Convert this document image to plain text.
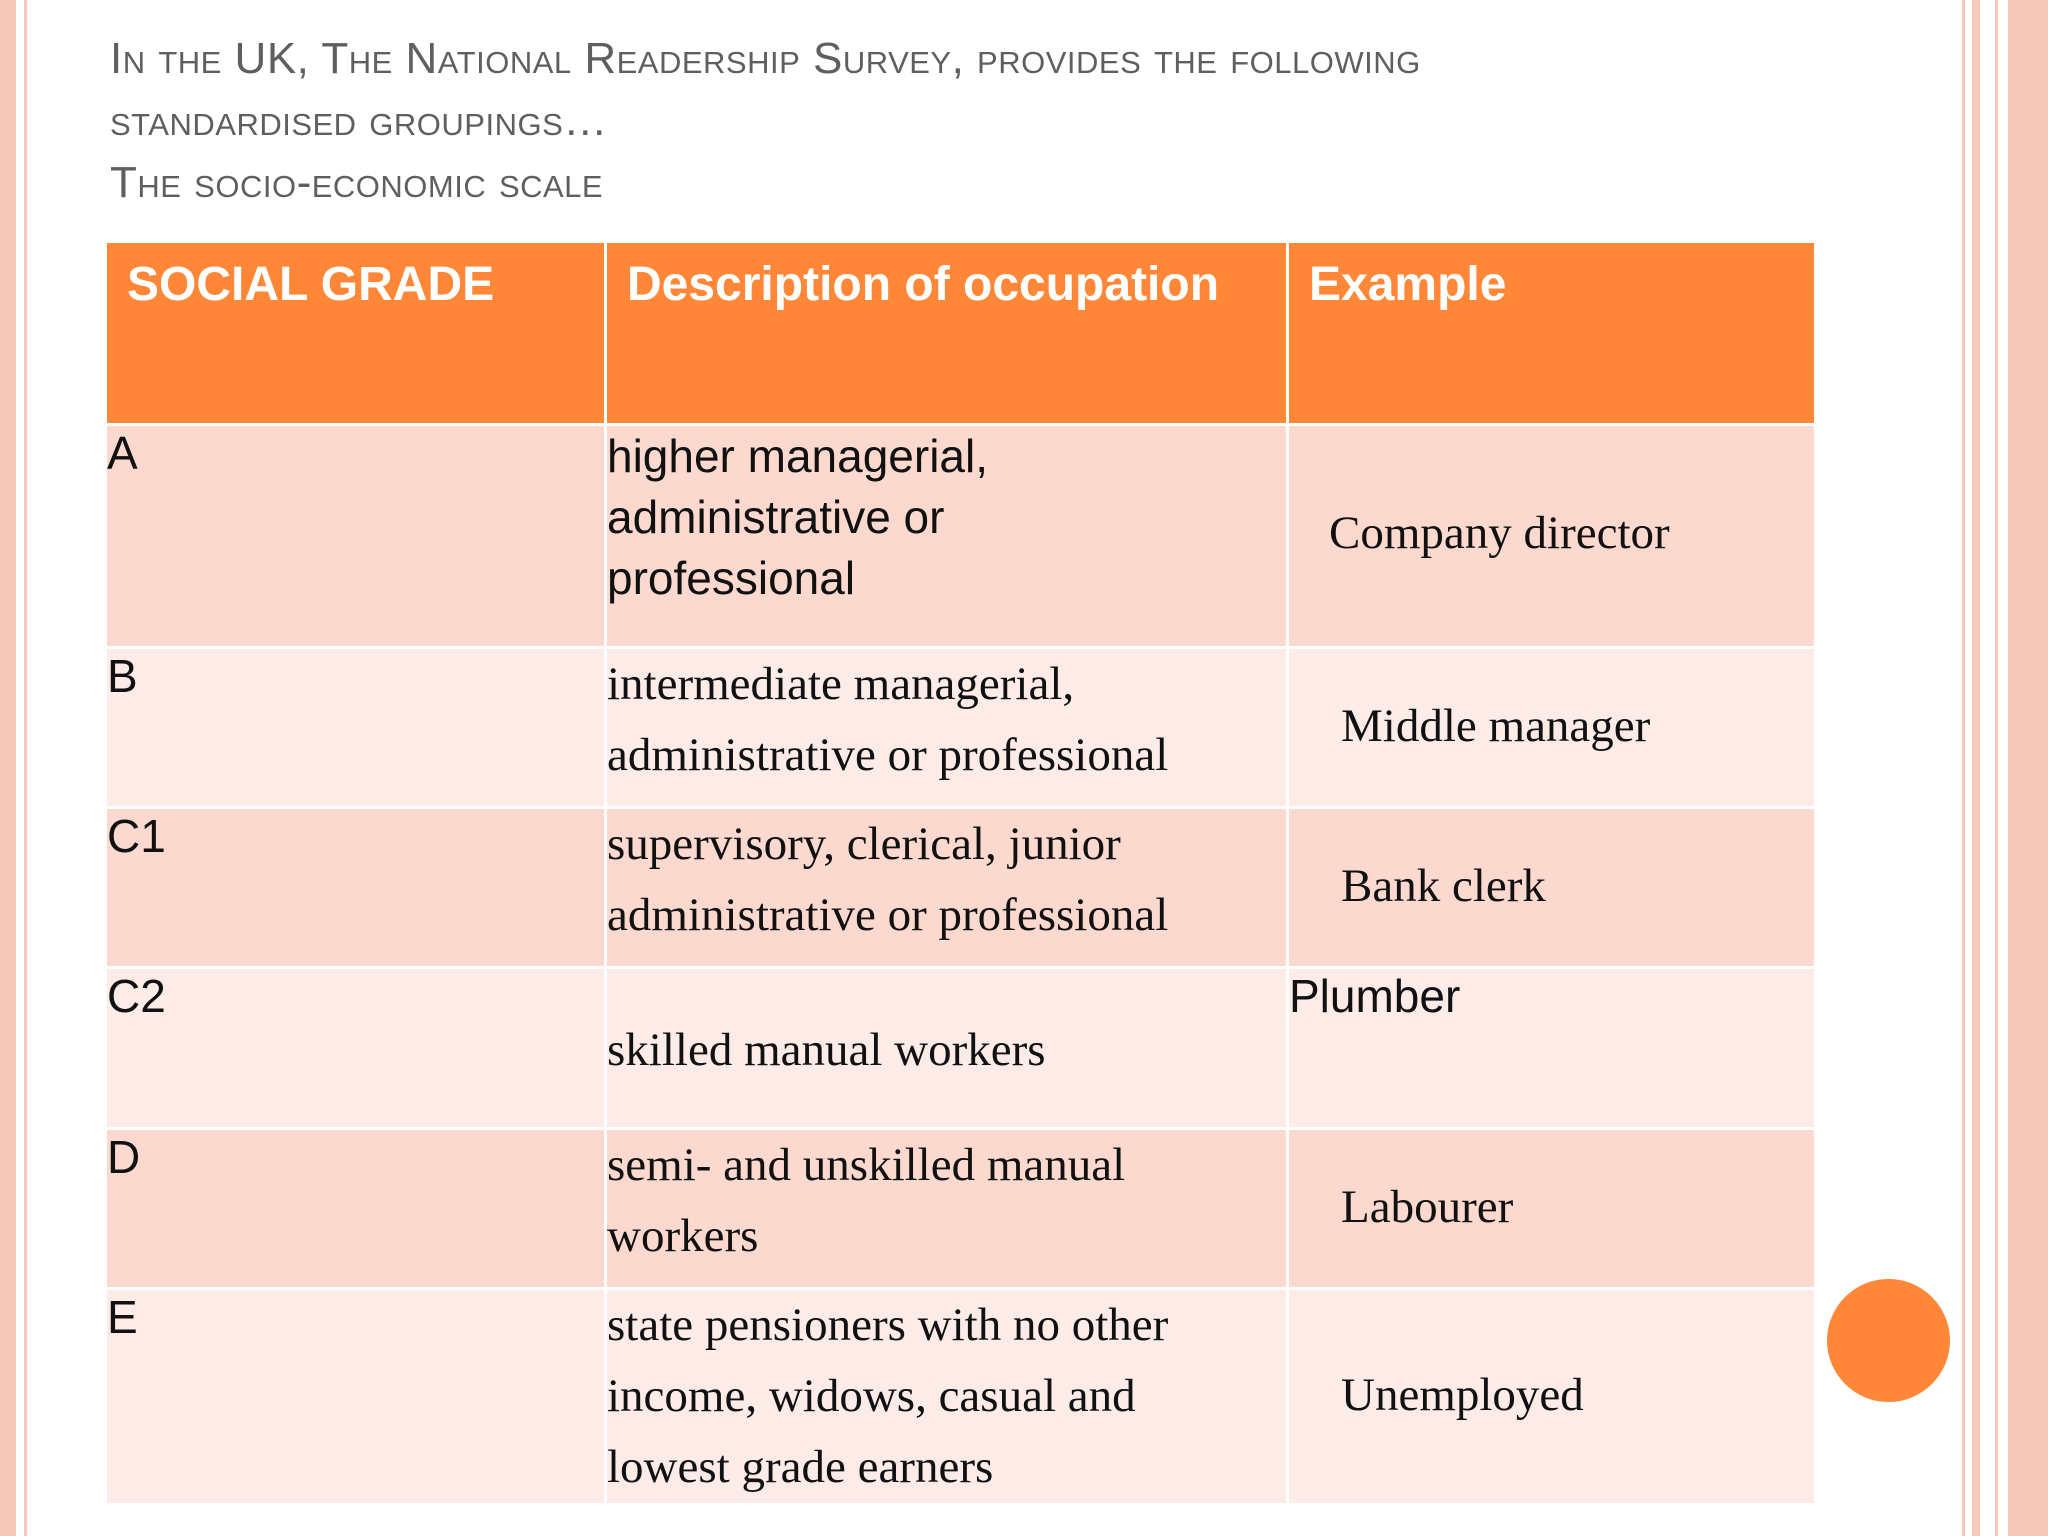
In the UK, The National Readership Survey, provides the following
standardised groupings…
The socio-economic scale
SOCIAL GRADE	Description of occupation	Example
A	higher managerial, administrative or professional	Company director

B	intermediate managerial, administrative or professional	Middle manager

C1	supervisory, clerical, junior administrative or professional	Bank clerk

C2	skilled manual workers	Plumber
D	semi- and unskilled manual workers	Labourer

E	state pensioners with no other income, widows, casual and lowest grade earners	Unemployed
